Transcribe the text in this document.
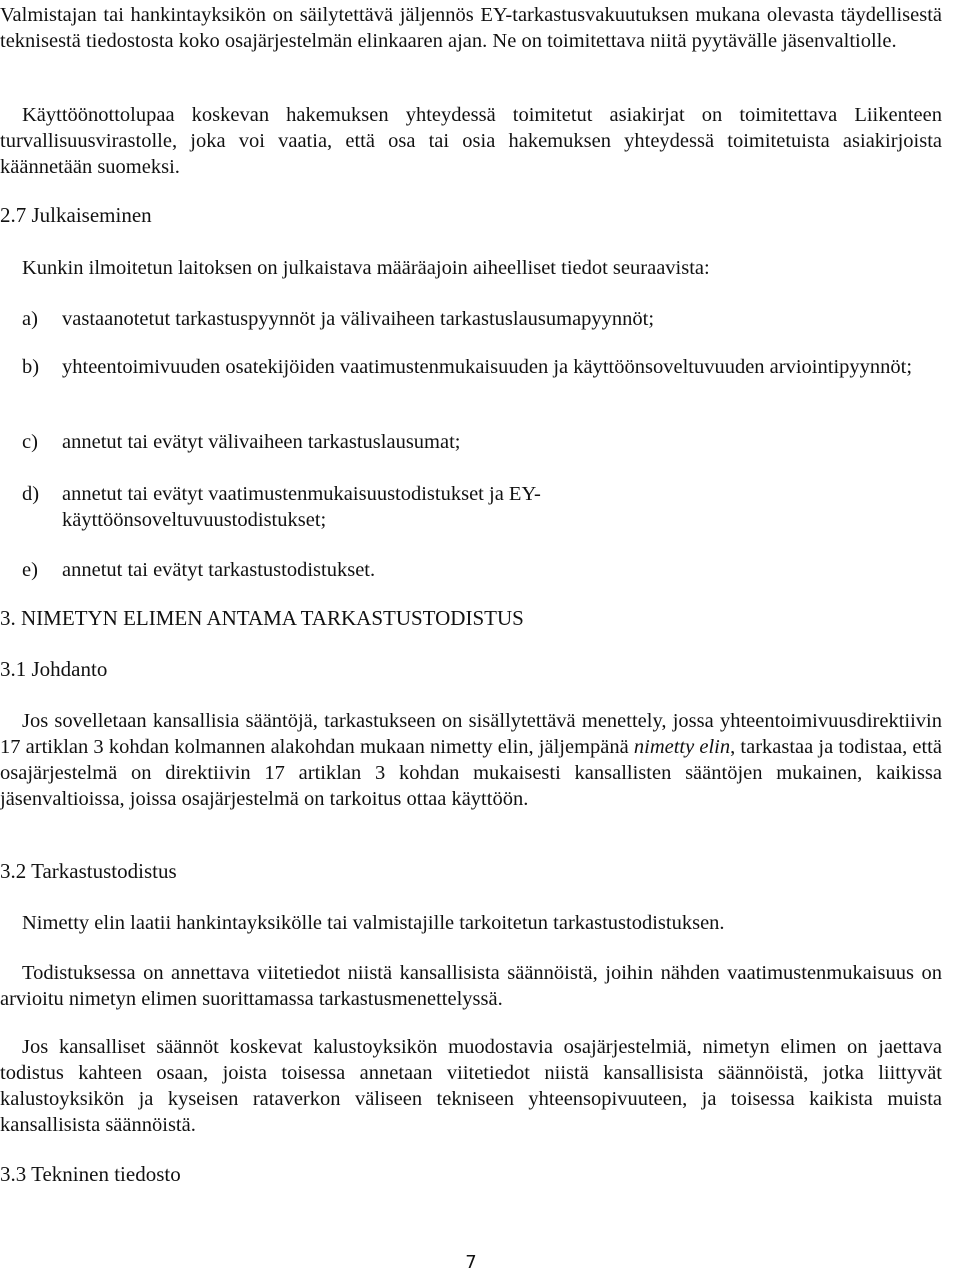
Valmistajan tai hankintayksikön on säilytettävä jäljennös EY-tarkastusvakuutuksen mukana olevasta täydellisestä teknisestä tiedostosta koko osajärjestelmän elinkaaren ajan. Ne on toimitettava niitä pyytävälle jäsenvaltiolle.

Käyttöönottolupaa koskevan hakemuksen yhteydessä toimitetut asiakirjat on toimitettava Liikenteen turvallisuusvirastolle, joka voi vaatia, että osa tai osia hakemuksen yhteydessä toimitetuista asiakirjoista käännetään suomeksi.

2.7 Julkaiseminen

Kunkin ilmoitetun laitoksen on julkaistava määräajoin aiheelliset tiedot seuraavista:

a) vastaanotetut tarkastuspyynnöt ja välivaiheen tarkastuslausumapyynnöt;
b) yhteentoimivuuden osatekijöiden vaatimustenmukaisuuden ja käyttöönsoveltuvuuden arviointipyynnöt;
c) annetut tai evätyt välivaiheen tarkastuslausumat;
d) annetut tai evätyt vaatimustenmukaisuustodistukset ja EY-käyttöönsoveltuvuustodistukset;
e) annetut tai evätyt tarkastustodistukset.

3. NIMETYN ELIMEN ANTAMA TARKASTUSTODISTUS

3.1 Johdanto

Jos sovelletaan kansallisia sääntöjä, tarkastukseen on sisällytettävä menettely, jossa yhteentoimivuusdirektiivin 17 artiklan 3 kohdan kolmannen alakohdan mukaan nimetty elin, jäljempänä nimetty elin, tarkastaa ja todistaa, että osajärjestelmä on direktiivin 17 artiklan 3 kohdan mukaisesti kansallisten sääntöjen mukainen, kaikissa jäsenvaltioissa, joissa osajärjestelmä on tarkoitus ottaa käyttöön.

3.2 Tarkastustodistus

Nimetty elin laatii hankintayksikölle tai valmistajille tarkoitetun tarkastustodistuksen.

Todistuksessa on annettava viitetiedot niistä kansallisista säännöistä, joihin nähden vaatimustenmukaisuus on arvioitu nimetyn elimen suorittamassa tarkastusmenettelyssä.

Jos kansalliset säännöt koskevat kalustoyksikön muodostavia osajärjestelmiä, nimetyn elimen on jaettava todistus kahteen osaan, joista toisessa annetaan viitetiedot niistä kansallisista säännöistä, jotka liittyvät kalustoyksikön ja kyseisen rataverkon väliseen tekniseen yhteensopivuuteen, ja toisessa kaikista muista kansallisista säännöistä.

3.3 Tekninen tiedosto

7
